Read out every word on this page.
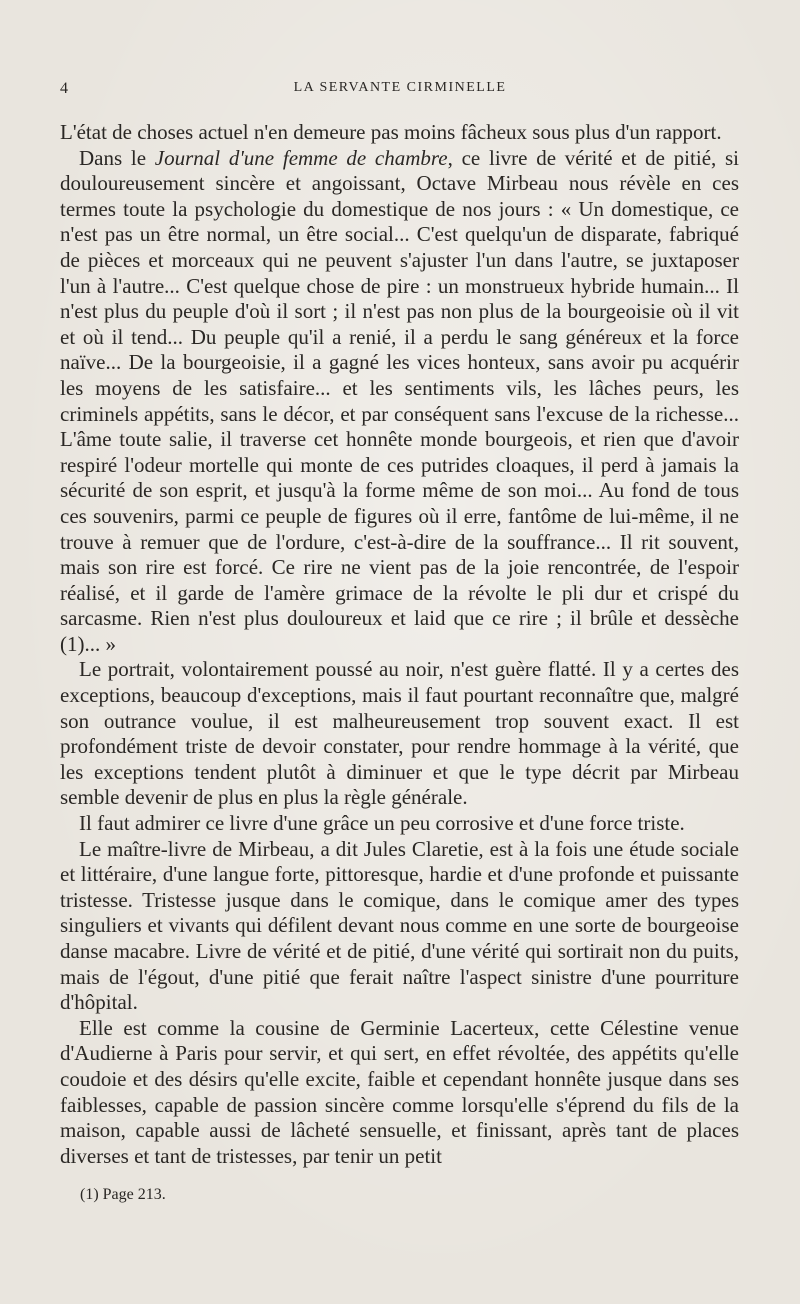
4	LA SERVANTE CIRMINELLE

L'état de choses actuel n'en demeure pas moins fâcheux sous plus d'un rapport.

Dans le Journal d'une femme de chambre, ce livre de vérité et de pitié, si douloureusement sincère et angoissant, Octave Mirbeau nous révèle en ces termes toute la psychologie du domestique de nos jours : « Un domestique, ce n'est pas un être normal, un être social... C'est quelqu'un de disparate, fabriqué de pièces et morceaux qui ne peuvent s'ajuster l'un dans l'autre, se juxtaposer l'un à l'autre... C'est quelque chose de pire : un monstrueux hybride humain... Il n'est plus du peuple d'où il sort ; il n'est pas non plus de la bourgeoisie où il vit et où il tend... Du peuple qu'il a renié, il a perdu le sang généreux et la force naïve... De la bourgeoisie, il a gagné les vices honteux, sans avoir pu acquérir les moyens de les satisfaire... et les sentiments vils, les lâches peurs, les criminels appétits, sans le décor, et par conséquent sans l'excuse de la richesse... L'âme toute salie, il traverse cet honnête monde bourgeois, et rien que d'avoir respiré l'odeur mortelle qui monte de ces putrides cloaques, il perd à jamais la sécurité de son esprit, et jusqu'à la forme même de son moi... Au fond de tous ces souvenirs, parmi ce peuple de figures où il erre, fantôme de lui-même, il ne trouve à remuer que de l'ordure, c'est-à-dire de la souffrance... Il rit souvent, mais son rire est forcé. Ce rire ne vient pas de la joie rencontrée, de l'espoir réalisé, et il garde de l'amère grimace de la révolte le pli dur et crispé du sarcasme. Rien n'est plus douloureux et laid que ce rire ; il brûle et dessèche (1)... »

Le portrait, volontairement poussé au noir, n'est guère flatté. Il y a certes des exceptions, beaucoup d'exceptions, mais il faut pourtant reconnaître que, malgré son outrance voulue, il est malheureusement trop souvent exact. Il est profondément triste de devoir constater, pour rendre hommage à la vérité, que les exceptions tendent plutôt à diminuer et que le type décrit par Mirbeau semble devenir de plus en plus la règle générale.

Il faut admirer ce livre d'une grâce un peu corrosive et d'une force triste.

Le maître-livre de Mirbeau, a dit Jules Claretie, est à la fois une étude sociale et littéraire, d'une langue forte, pittoresque, hardie et d'une profonde et puissante tristesse. Tristesse jusque dans le comique, dans le comique amer des types singuliers et vivants qui défilent devant nous comme en une sorte de bourgeoise danse macabre. Livre de vérité et de pitié, d'une vérité qui sortirait non du puits, mais de l'égout, d'une pitié que ferait naître l'aspect sinistre d'une pourriture d'hôpital.

Elle est comme la cousine de Germinie Lacerteux, cette Célestine venue d'Audierne à Paris pour servir, et qui sert, en effet révoltée, des appétits qu'elle coudoie et des désirs qu'elle excite, faible et cependant honnête jusque dans ses faiblesses, capable de passion sincère comme lorsqu'elle s'éprend du fils de la maison, capable aussi de lâcheté sensuelle, et finissant, après tant de places diverses et tant de tristesses, par tenir un petit

(1) Page 213.
